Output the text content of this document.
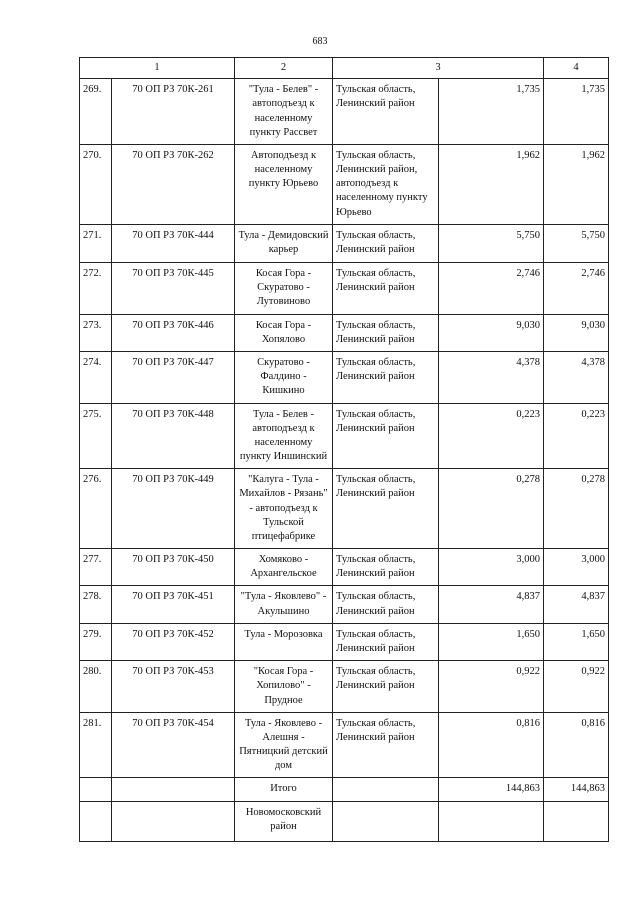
683
1		2	3		4
269.	70 ОП РЗ 70К-261	"Тула - Белев" - автоподъезд к населенному пункту Рассвет	Тульская область, Ленинский район	1,735	1,735
270.	70 ОП РЗ 70К-262	Автоподъезд к населенному пункту Юрьево	Тульская область, Ленинский район, автоподъезд к населенному пункту Юрьево	1,962	1,962
271.	70 ОП РЗ 70К-444	Тула - Демидовский карьер	Тульская область, Ленинский район	5,750	5,750
272.	70 ОП РЗ 70К-445	Косая Гора - Скуратово - Лутовиново	Тульская область, Ленинский район	2,746	2,746
273.	70 ОП РЗ 70К-446	Косая Гора - Хопялово	Тульская область, Ленинский район	9,030	9,030
274.	70 ОП РЗ 70К-447	Скуратово - Фалдино - Кишкино	Тульская область, Ленинский район	4,378	4,378
275.	70 ОП РЗ 70К-448	Тула - Белев - автоподъезд к населенному пункту Иншинский	Тульская область, Ленинский район	0,223	0,223
276.	70 ОП РЗ 70К-449	"Калуга - Тула - Михайлов - Рязань" - автоподъезд к Тульской птицефабрике	Тульская область, Ленинский район	0,278	0,278
277.	70 ОП РЗ 70К-450	Хомяково - Архангельское	Тульская область, Ленинский район	3,000	3,000
278.	70 ОП РЗ 70К-451	"Тула - Яковлево" - Акульшино	Тульская область, Ленинский район	4,837	4,837
279.	70 ОП РЗ 70К-452	Тула - Морозовка	Тульская область, Ленинский район	1,650	1,650
280.	70 ОП РЗ 70К-453	"Косая Гора - Хопилово" - Прудное	Тульская область, Ленинский район	0,922	0,922
281.	70 ОП РЗ 70К-454	Тула - Яковлево - Алешня - Пятницкий детский дом	Тульская область, Ленинский район	0,816	0,816
		Итого		144,863	144,863
		Новомосковский район			
